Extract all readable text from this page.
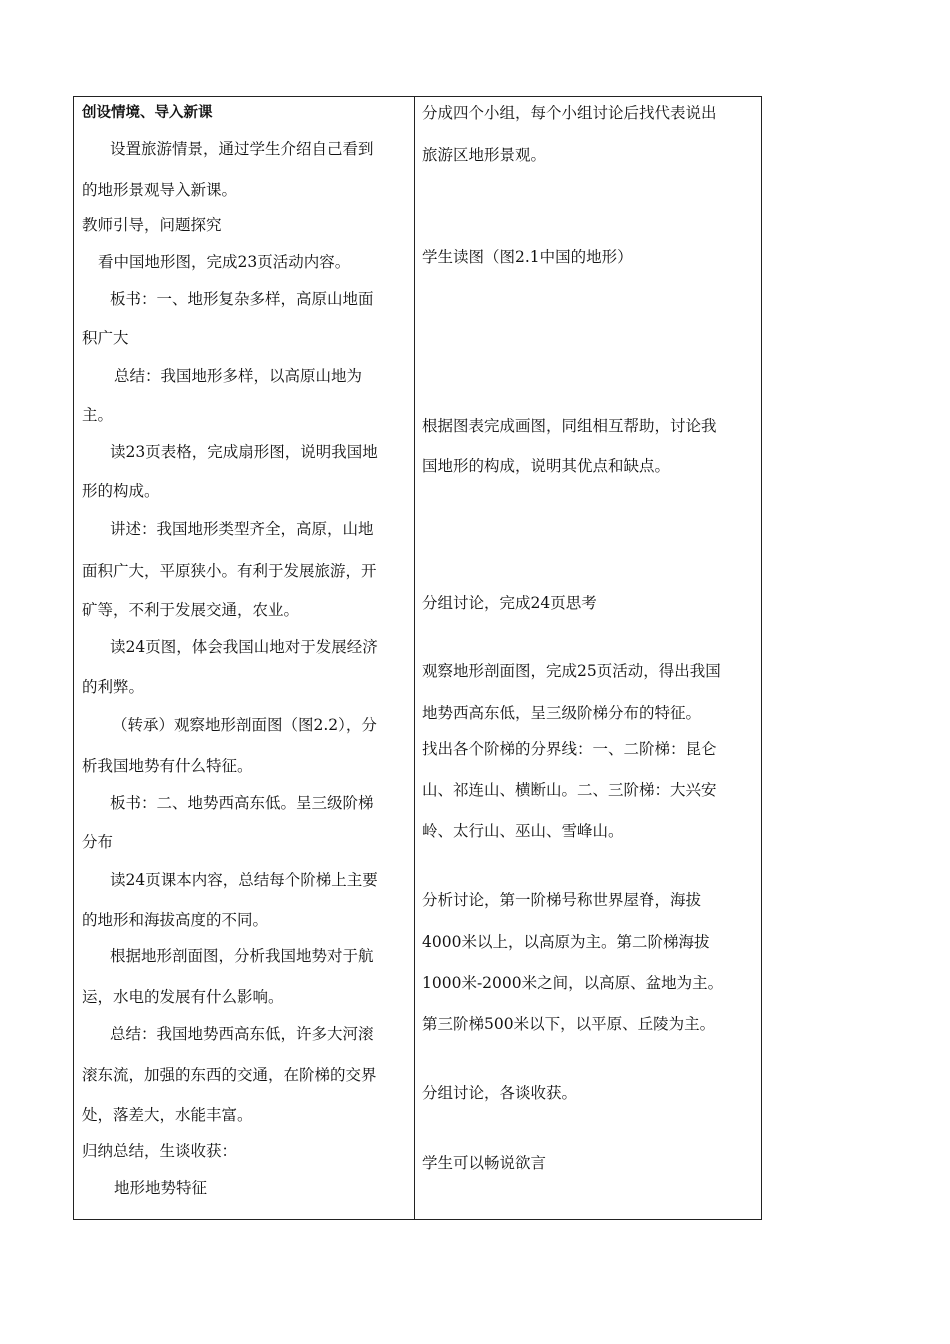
创设情境、导入新课
设置旅游情景，通过学生介绍自己看到
的地形景观导入新课。
教师引导，问题探究
看中国地形图，完成23页活动内容。
板书：一、地形复杂多样，高原山地面
积广大
总结：我国地形多样，以高原山地为
主。
读23页表格，完成扇形图，说明我国地
形的构成。
讲述：我国地形类型齐全，高原，山地
面积广大，平原狭小。有利于发展旅游，开
矿等，不利于发展交通，农业。
读24页图，体会我国山地对于发展经济
的利弊。
（转承）观察地形剖面图（图2.2），分
析我国地势有什么特征。
板书：二、地势西高东低。呈三级阶梯
分布
读24页课本内容，总结每个阶梯上主要
的地形和海拔高度的不同。
根据地形剖面图，分析我国地势对于航
运，水电的发展有什么影响。
总结：我国地势西高东低，许多大河滚
滚东流，加强的东西的交通，在阶梯的交界
处，落差大，水能丰富。
归纳总结，生谈收获：
地形地势特征
分成四个小组，每个小组讨论后找代表说出
旅游区地形景观。
学生读图（图2.1中国的地形）
根据图表完成画图，同组相互帮助，讨论我
国地形的构成，说明其优点和缺点。
分组讨论，完成24页思考
观察地形剖面图，完成25页活动，得出我国
地势西高东低，呈三级阶梯分布的特征。
找出各个阶梯的分界线：一、二阶梯：昆仑
山、祁连山、横断山。二、三阶梯：大兴安
岭、太行山、巫山、雪峰山。
分析讨论，第一阶梯号称世界屋脊，海拔
4000米以上，以高原为主。第二阶梯海拔
1000米-2000米之间，以高原、盆地为主。
第三阶梯500米以下，以平原、丘陵为主。
分组讨论，各谈收获。
学生可以畅说欲言
